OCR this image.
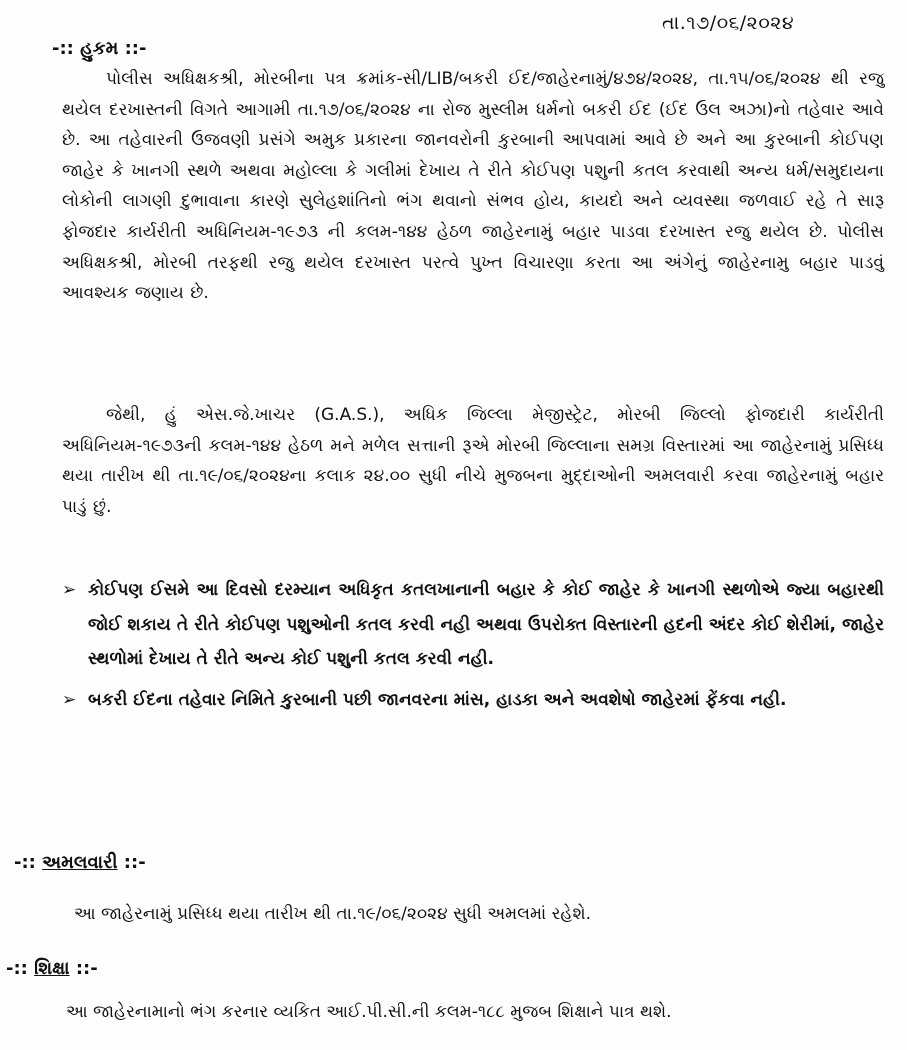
તા.૧૭/૦૬/૨૦૨૪
-:: હુકમ ::-
પોલીસ અધિક્ષકશ્રી, મોરબીના પત્ર ક્રમાંક-સી/LIB/બકરી ઈદ/જાહેરનામું/૪૭૪/૨૦૨૪, તા.૧૫/૦૬/૨૦૨૪ થી રજુ થયેલ દરખાસ્તની વિગતે આગામી તા.૧૭/૦૬/૨૦૨૪ ના રોજ મુસ્લીમ ધર્મનો બકરી ઈદ (ઈદ ઉલ અઝા)નો તહેવાર આવે છે. આ તહેવારની ઉજવણી પ્રસંગે અમુક પ્રકારના જાનવરોની કુરબાની આપવામાં આવે છે અને આ કુરબાની કોઈપણ જાહેર કે ખાનગી સ્થળે અથવા મહોલ્લા કે ગલીમાં દેખાય તે રીતે કોઈપણ પશુની કતલ કરવાથી અન્ય ધર્મ/સમુદાયના લોકોની લાગણી દુભાવાના કારણે સુલેહશાંતિનો ભંગ થવાનો સંભવ હોય, કાયદો અને વ્યવસ્થા જળવાઈ રહે તે સારૂ ફોજદાર કાર્યરીતી અધિનિયમ-૧૯૭૩ ની કલમ-૧૪૪ હેઠળ જાહેરનામું બહાર પાડવા દરખાસ્ત રજુ થયેલ છે. પોલીસ અધિક્ષકશ્રી, મોરબી તરફથી રજુ થયેલ દરખાસ્ત પરત્વે પુખ્ત વિચારણા કરતા આ અંગેનું જાહેરનામુ બહાર પાડવું આવશ્યક જણાય છે.
જેથી, હું એસ.જે.ખાચર (G.A.S.), અધિક જિલ્લા મેજીસ્ટ્રેટ, મોરબી જિલ્લો ફોજદારી કાર્યરીતી અધિનિયમ-૧૯૭૩ની કલમ-૧૪૪ હેઠળ મને મળેલ સત્તાની રૂએ મોરબી જિલ્લાના સમગ્ર વિસ્તારમાં આ જાહેરનામું પ્રસિધ્ધ થયા તારીખ થી તા.૧૯/૦૬/૨૦૨૪ના કલાક ૨૪.૦૦ સુધી નીચે મુજબના મુદ્દાઓની અમલવારી કરવા જાહેરનામું બહાર પાડું છું.
➢ કોઈપણ ઈસમે આ દિવસો દરમ્યાન અધિકૃત કતલખાનાની બહાર કે કોઈ જાહેર કે ખાનગી સ્થળોએ જ્યા બહારથી જોઈ શકાય તે રીતે કોઈપણ પશુઓની કતલ કરવી નહી અથવા ઉપરોક્ત વિસ્તારની હદની અંદર કોઈ શેરીમાં, જાહેર સ્થળોમાં દેખાય તે રીતે અન્ય કોઈ પશુની કતલ કરવી નહી.
➢ બકરી ઈદના તહેવાર નિમિતે કુરબાની પછી જાનવરના માંસ, હાડકા અને અવશેષો જાહેરમાં ફેંકવા નહી.
-:: અમલવારી ::-
આ જાહેરનામું પ્રસિધ્ધ થયા તારીખ થી તા.૧૯/૦૬/૨૦૨૪ સુધી અમલમાં રહેશે.
-:: શિક્ષા ::-
આ જાહેરનામાનો ભંગ કરનાર વ્યકિત આઈ.પી.સી.ની કલમ-૧૮૮ મુજબ શિક્ષાને પાત્ર થશે.
